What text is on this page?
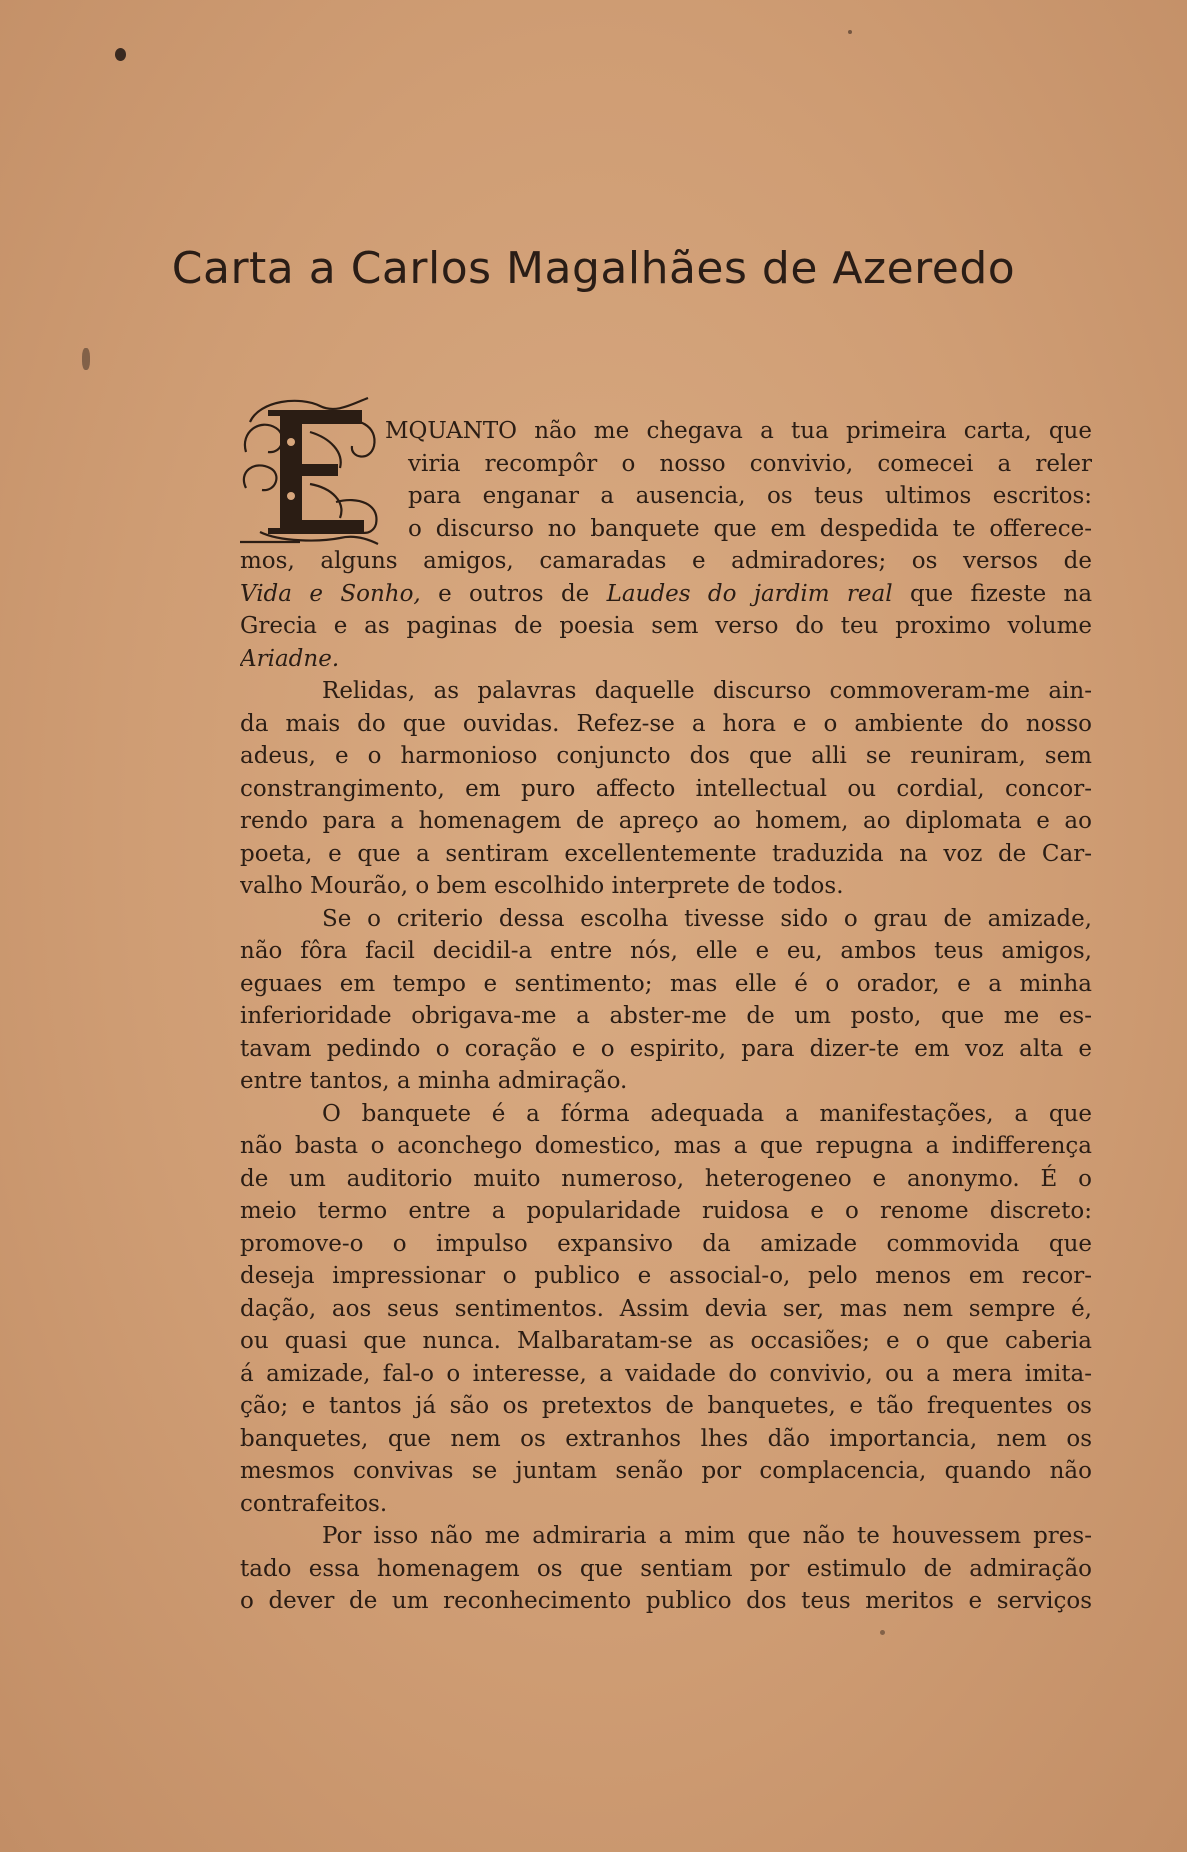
Carta a Carlos Magalhães de Azeredo
MQUANTO não me chegava a tua primeira carta, que
viria recompôr o nosso convivio, comecei a reler
para enganar a ausencia, os teus ultimos escritos:
o discurso no banquete que em despedida te offerece-
mos, alguns amigos, camaradas e admiradores; os versos de
Vida e Sonho, e outros de Laudes do jardim real que fizeste na
Grecia e as paginas de poesia sem verso do teu proximo volume
Ariadne.
Relidas, as palavras daquelle discurso commoveram-me ain-
da mais do que ouvidas. Refez-se a hora e o ambiente do nosso
adeus, e o harmonioso conjuncto dos que alli se reuniram, sem
constrangimento, em puro affecto intellectual ou cordial, concor-
rendo para a homenagem de apreço ao homem, ao diplomata e ao
poeta, e que a sentiram excellentemente traduzida na voz de Car-
valho Mourão, o bem escolhido interprete de todos.
Se o criterio dessa escolha tivesse sido o grau de amizade,
não fôra facil decidil-a entre nós, elle e eu, ambos teus amigos,
eguaes em tempo e sentimento; mas elle é o orador, e a minha
inferioridade obrigava-me a abster-me de um posto, que me es-
tavam pedindo o coração e o espirito, para dizer-te em voz alta e
entre tantos, a minha admiração.
O banquete é a fórma adequada a manifestações, a que
não basta o aconchego domestico, mas a que repugna a indifferença
de um auditorio muito numeroso, heterogeneo e anonymo. É o
meio termo entre a popularidade ruidosa e o renome discreto:
promove-o o impulso expansivo da amizade commovida que
deseja impressionar o publico e associal-o, pelo menos em recor-
dação, aos seus sentimentos. Assim devia ser, mas nem sempre é,
ou quasi que nunca. Malbaratam-se as occasiões; e o que caberia
á amizade, fal-o o interesse, a vaidade do convivio, ou a mera imita-
ção; e tantos já são os pretextos de banquetes, e tão frequentes os
banquetes, que nem os extranhos lhes dão importancia, nem os
mesmos convivas se juntam senão por complacencia, quando não
contrafeitos.
Por isso não me admiraria a mim que não te houvessem pres-
tado essa homenagem os que sentiam por estimulo de admiração
o dever de um reconhecimento publico dos teus meritos e serviços
